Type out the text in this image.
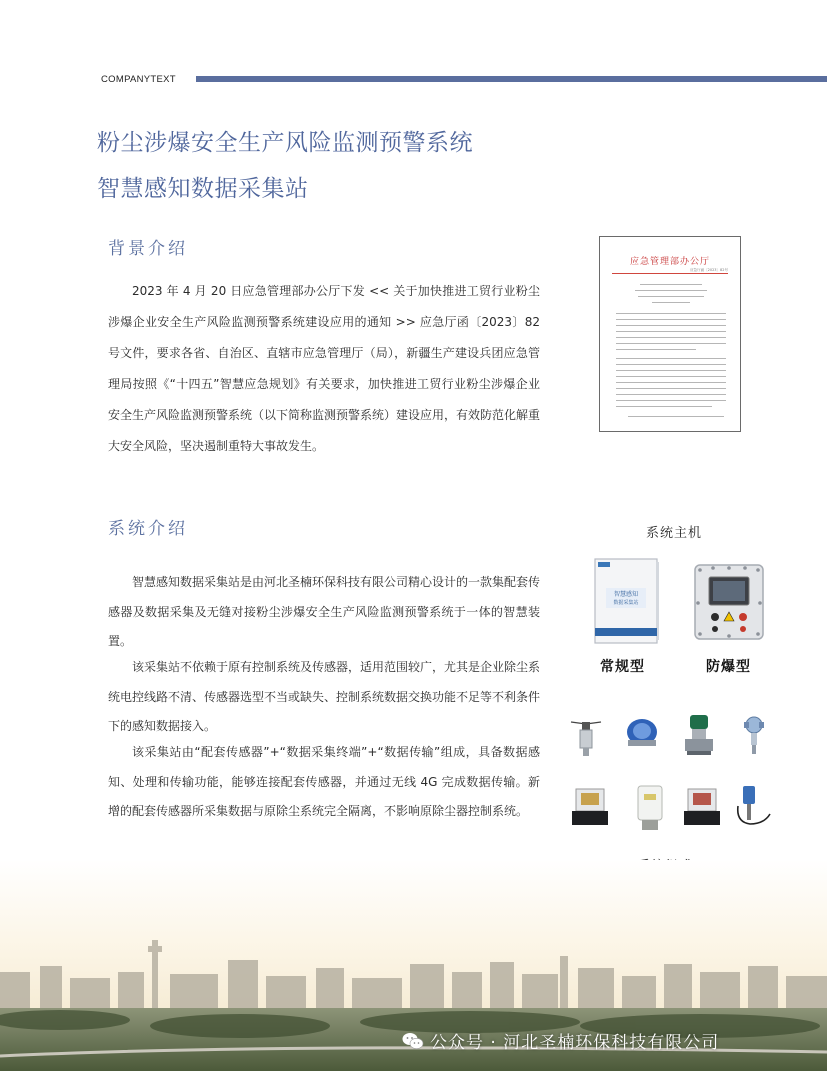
COMPANYTEXT
粉尘涉爆安全生产风险监测预警系统
智慧感知数据采集站
背景介绍

2023 年 4 月 20 日应急管理部办公厅下发 << 关于加快推进工贸行业粉尘涉爆企业安全生产风险监测预警系统建设应用的通知 >> 应急厅函〔2023〕82 号文件，要求各省、自治区、直辖市应急管理厅（局），新疆生产建设兵团应急管理局按照《“十四五”智慧应急规划》有关要求，加快推进工贸行业粉尘涉爆企业安全生产风险监测预警系统（以下简称监测预警系统）建设应用，有效防范化解重大安全风险，坚决遏制重特大事故发生。

应急管理部办公厅
应急厅函〔2023〕82号
系统介绍

智慧感知数据采集站是由河北圣楠环保科技有限公司精心设计的一款集配套传感器及数据采集及无缝对接粉尘涉爆安全生产风险监测预警系统于一体的智慧装置。

该采集站不依赖于原有控制系统及传感器，适用范围较广，尤其是企业除尘系统电控线路不清、传感器选型不当或缺失、控制系统数据交换功能不足等不利条件下的感知数据接入。

该采集站由“配套传感器”+“数据采集终端”+“数据传输”组成，具备数据感知、处理和传输功能，能够连接配套传感器，并通过无线 4G 完成数据传输。新增的配套传感器所采集数据与原除尘系统完全隔离，不影响原除尘器控制系统。

系统主机
智慧感知
数据采集站
常规型	防爆型
公众号 · 河北圣楠环保科技有限公司
